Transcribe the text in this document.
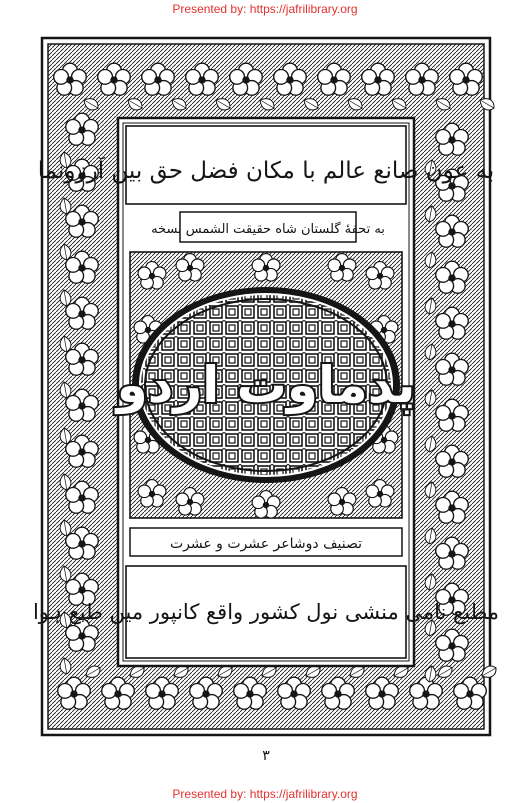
Presented by: https://jafrilibrary.org
به عون صانع عالم با مکان فضل حق بین آرزونما
به تحفهٔ گلستان شاه حقیقت الشمس نسخه
پدماوت اردو
تصنیف دوشاعر عشرت و عشرت
مطبع نامی منشی نول کشور واقع کانپور میں طبع ہوا
۳
Presented by: https://jafrilibrary.org
